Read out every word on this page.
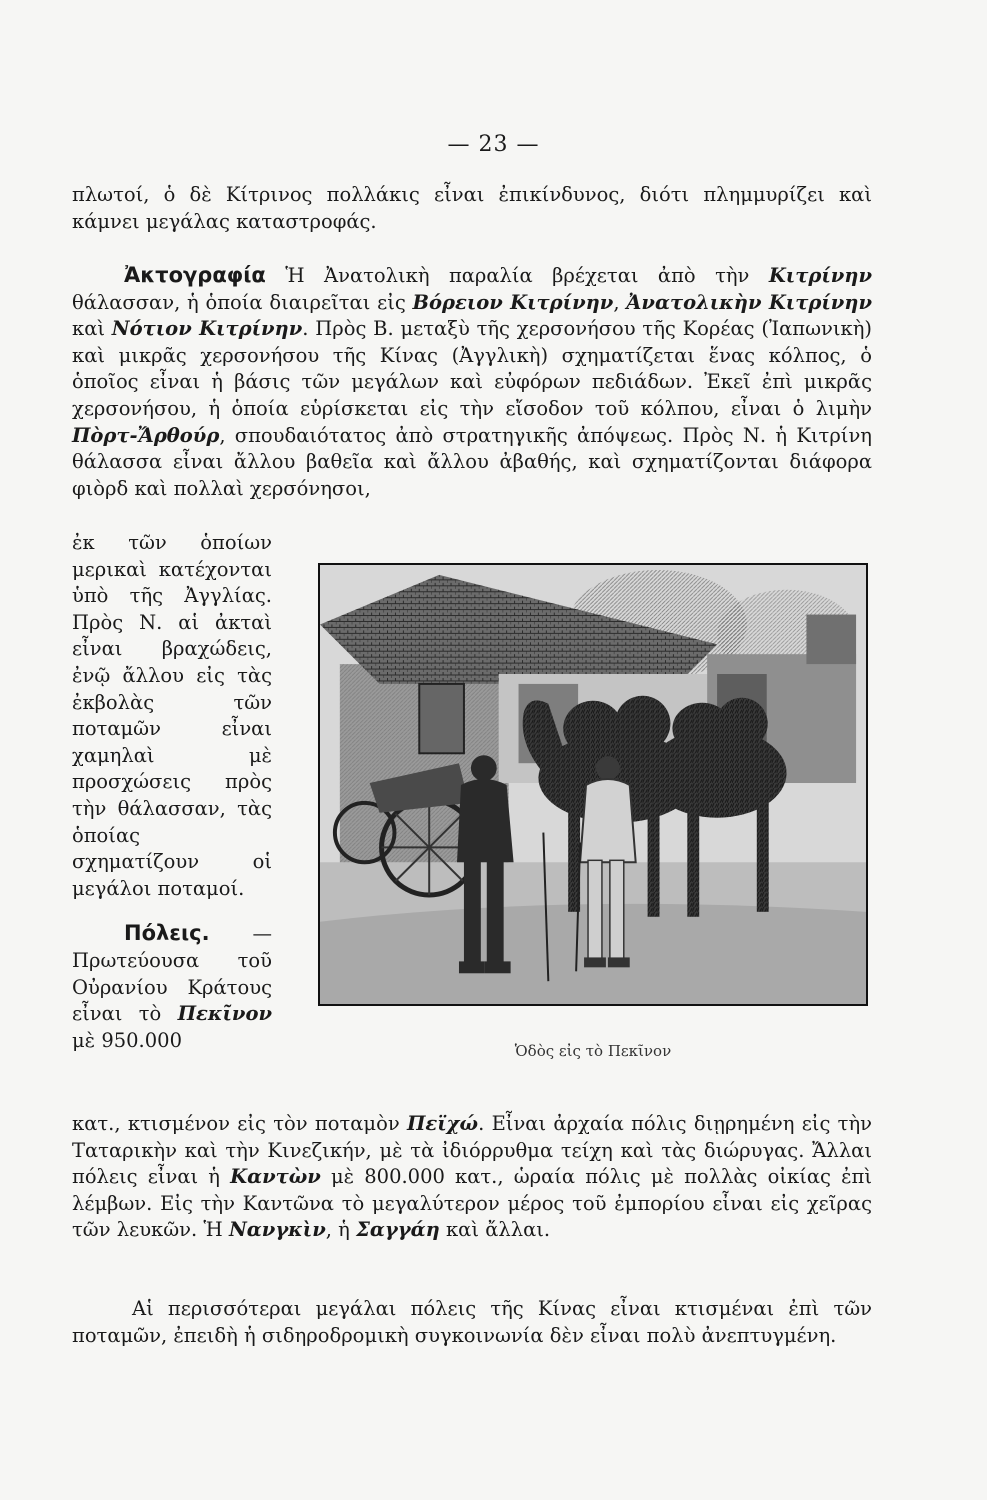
— 23 —
πλωτοί, ὁ δὲ Κίτρινος πολλάκις εἶναι ἐπικίνδυνος, διότι πλημμυρίζει καὶ κάμνει μεγάλας καταστροφάς.
Ἀκτογραφία Ἡ Ἀνατολικὴ παραλία βρέχεται ἀπὸ τὴν Κιτρίνην θάλασσαν, ἡ ὁποία διαιρεῖται εἰς Βόρειον Κιτρίνην, Ἀνατολικὴν Κιτρίνην καὶ Νότιον Κιτρίνην. Πρὸς Β. μεταξὺ τῆς χερσονήσου τῆς Κορέας (Ἰαπωνικὴ) καὶ μικρᾶς χερσονήσου τῆς Κίνας (Ἀγγλικὴ) σχηματίζεται ἕνας κόλπος, ὁ ὁποῖος εἶναι ἡ βάσις τῶν μεγάλων καὶ εὐφόρων πεδιάδων. Ἐκεῖ ἐπὶ μικρᾶς χερσονήσου, ἡ ὁποία εὑρίσκεται εἰς τὴν εἴσοδον τοῦ κόλπου, εἶναι ὁ λιμὴν Πὸρτ-Ἄρθούρ, σπουδαιότατος ἀπὸ στρατηγικῆς ἀπόψεως. Πρὸς Ν. ἡ Κιτρίνη θάλασσα εἶναι ἄλλου βαθεῖα καὶ ἄλλου ἀβαθής, καὶ σχηματίζονται διάφορα φιὸρδ καὶ πολλαὶ χερσόνησοι,
ἐκ τῶν ὁποίων μερικαὶ κατέχονται ὑπὸ τῆς Ἀγγλίας. Πρὸς Ν. αἱ ἀκταὶ εἶναι βραχώδεις, ἐνῷ ἄλλου εἰς τὰς ἐκβολὰς τῶν ποταμῶν εἶναι χαμηλαὶ μὲ προσχώσεις πρὸς τὴν θάλασσαν, τὰς ὁποίας σχηματίζουν οἱ μεγάλοι ποταμοί.
Πόλεις. — Πρωτεύουσα τοῦ Οὐρανίου Κράτους εἶναι τὸ Πεκῖνον μὲ 950.000	Ὁδὸς εἰς τὸ Πεκῖνον
κατ., κτισμένον εἰς τὸν ποταμὸν Πεϊχώ. Εἶναι ἀρχαία πόλις διῃρημένη εἰς τὴν Ταταρικὴν καὶ τὴν Κινεζικήν, μὲ τὰ ἰδιόρρυθμα τείχη καὶ τὰς διώρυγας. Ἄλλαι πόλεις εἶναι ἡ Καντὼν μὲ 800.000 κατ., ὡραία πόλις μὲ πολλὰς οἰκίας ἐπὶ λέμβων. Εἰς τὴν Καντῶνα τὸ μεγαλύτερον μέρος τοῦ ἐμπορίου εἶναι εἰς χεῖρας τῶν λευκῶν. Ἡ Νανγκὶν, ἡ Σαγγάη καὶ ἄλλαι.
Αἱ περισσότεραι μεγάλαι πόλεις τῆς Κίνας εἶναι κτισμέναι ἐπὶ τῶν ποταμῶν, ἐπειδὴ ἡ σιδηροδρομικὴ συγκοινωνία δὲν εἶναι πολὺ ἀνεπτυγμένη.
